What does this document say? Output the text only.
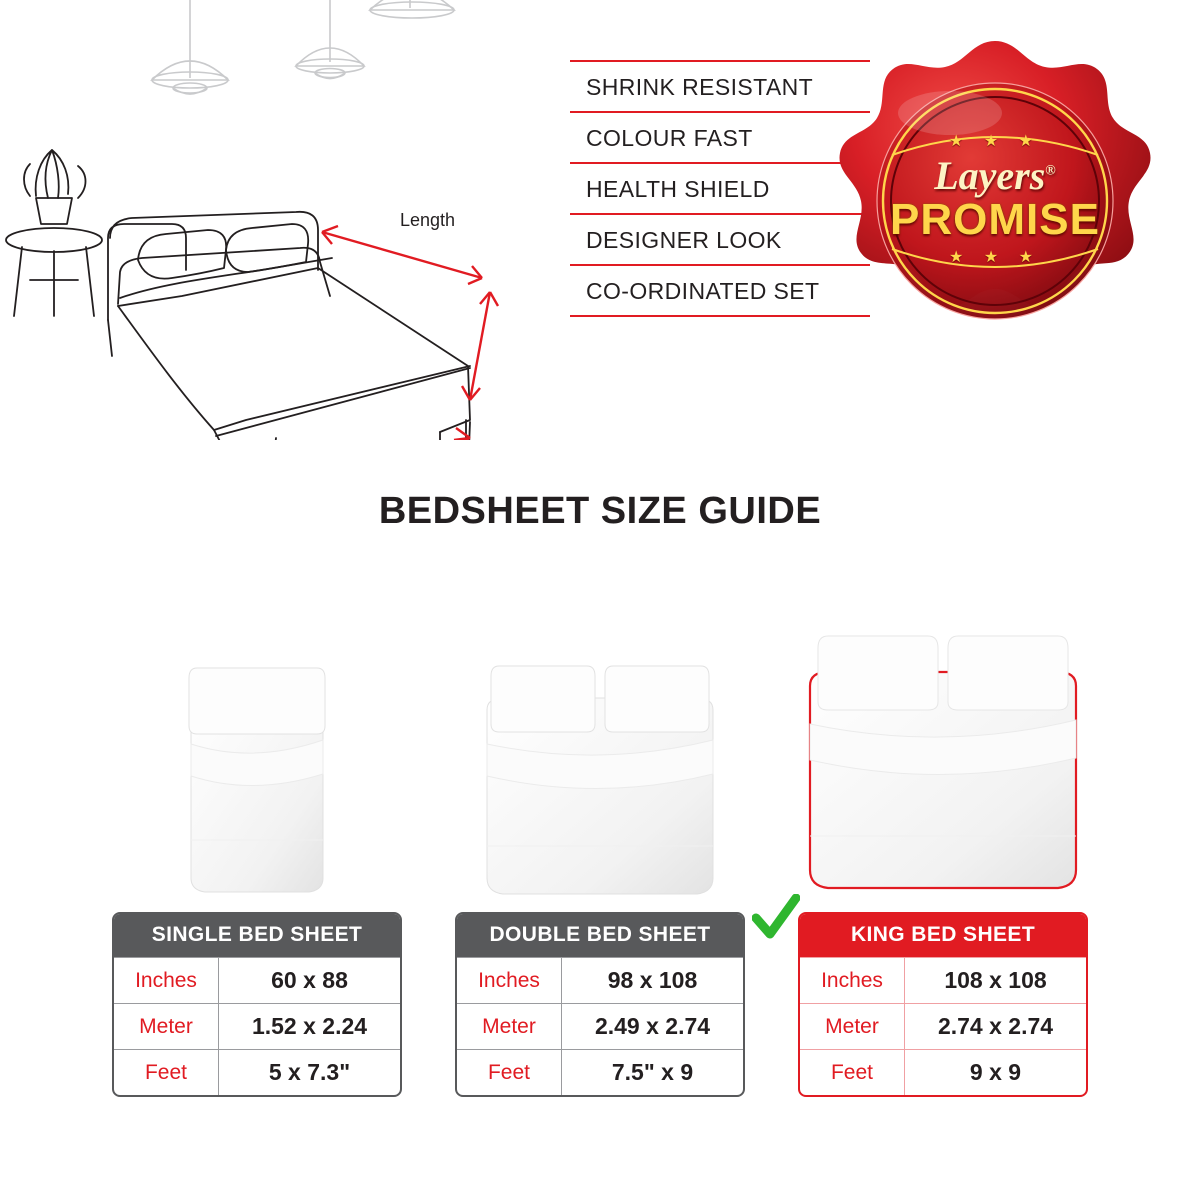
Length
SHRINK RESISTANT
COLOUR FAST
HEALTH SHIELD
DESIGNER LOOK
CO-ORDINATED SET
★ ★ ★
Layers®
PROMISE
★ ★ ★
BEDSHEET SIZE GUIDE
SINGLE BED SHEET
Inches	60 x 88
Meter	1.52 x 2.24
Feet	5 x 7.3"
DOUBLE BED SHEET
Inches	98 x 108
Meter	2.49 x 2.74
Feet	7.5" x 9
KING BED SHEET
Inches	108 x 108
Meter	2.74 x 2.74
Feet	9 x 9
